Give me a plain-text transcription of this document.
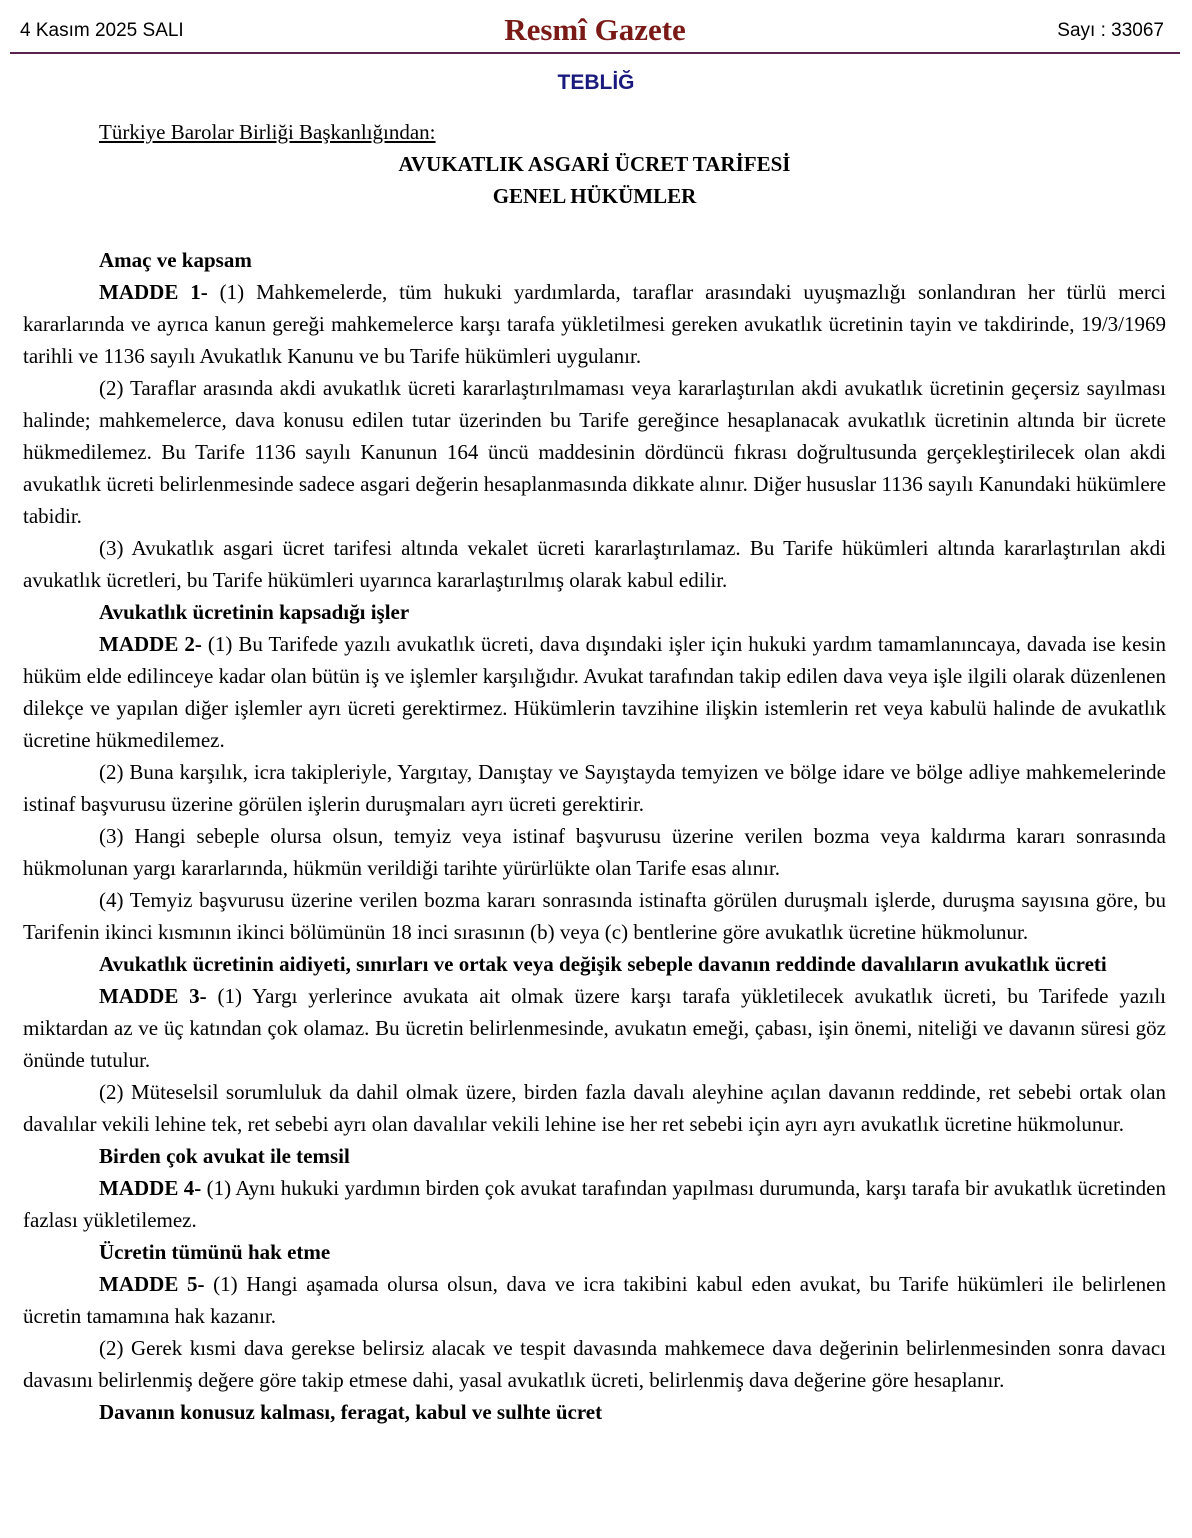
4 Kasım 2025 SALI	Resmî Gazete	Sayı : 33067
TEBLİĞ
Türkiye Barolar Birliği Başkanlığından:
AVUKATLIK ASGARİ ÜCRET TARİFESİ
GENEL HÜKÜMLER
Amaç ve kapsam
MADDE 1- (1) Mahkemelerde, tüm hukuki yardımlarda, taraflar arasındaki uyuşmazlığı sonlandıran her türlü merci kararlarında ve ayrıca kanun gereği mahkemelerce karşı tarafa yükletilmesi gereken avukatlık ücretinin tayin ve takdirinde, 19/3/1969 tarihli ve 1136 sayılı Avukatlık Kanunu ve bu Tarife hükümleri uygulanır.
(2) Taraflar arasında akdi avukatlık ücreti kararlaştırılmaması veya kararlaştırılan akdi avukatlık ücretinin geçersiz sayılması halinde; mahkemelerce, dava konusu edilen tutar üzerinden bu Tarife gereğince hesaplanacak avukatlık ücretinin altında bir ücrete hükmedilemez. Bu Tarife 1136 sayılı Kanunun 164 üncü maddesinin dördüncü fıkrası doğrultusunda gerçekleştirilecek olan akdi avukatlık ücreti belirlenmesinde sadece asgari değerin hesaplanmasında dikkate alınır. Diğer hususlar 1136 sayılı Kanundaki hükümlere tabidir.
(3) Avukatlık asgari ücret tarifesi altında vekalet ücreti kararlaştırılamaz. Bu Tarife hükümleri altında kararlaştırılan akdi avukatlık ücretleri, bu Tarife hükümleri uyarınca kararlaştırılmış olarak kabul edilir.
Avukatlık ücretinin kapsadığı işler
MADDE 2- (1) Bu Tarifede yazılı avukatlık ücreti, dava dışındaki işler için hukuki yardım tamamlanıncaya, davada ise kesin hüküm elde edilinceye kadar olan bütün iş ve işlemler karşılığıdır. Avukat tarafından takip edilen dava veya işle ilgili olarak düzenlenen dilekçe ve yapılan diğer işlemler ayrı ücreti gerektirmez. Hükümlerin tavzihine ilişkin istemlerin ret veya kabulü halinde de avukatlık ücretine hükmedilemez.
(2) Buna karşılık, icra takipleriyle, Yargıtay, Danıştay ve Sayıştayda temyizen ve bölge idare ve bölge adliye mahkemelerinde istinaf başvurusu üzerine görülen işlerin duruşmaları ayrı ücreti gerektirir.
(3) Hangi sebeple olursa olsun, temyiz veya istinaf başvurusu üzerine verilen bozma veya kaldırma kararı sonrasında hükmolunan yargı kararlarında, hükmün verildiği tarihte yürürlükte olan Tarife esas alınır.
(4) Temyiz başvurusu üzerine verilen bozma kararı sonrasında istinafta görülen duruşmalı işlerde, duruşma sayısına göre, bu Tarifenin ikinci kısmının ikinci bölümünün 18 inci sırasının (b) veya (c) bentlerine göre avukatlık ücretine hükmolunur.
Avukatlık ücretinin aidiyeti, sınırları ve ortak veya değişik sebeple davanın reddinde davalıların avukatlık ücreti
MADDE 3- (1) Yargı yerlerince avukata ait olmak üzere karşı tarafa yükletilecek avukatlık ücreti, bu Tarifede yazılı miktardan az ve üç katından çok olamaz. Bu ücretin belirlenmesinde, avukatın emeği, çabası, işin önemi, niteliği ve davanın süresi göz önünde tutulur.
(2) Müteselsil sorumluluk da dahil olmak üzere, birden fazla davalı aleyhine açılan davanın reddinde, ret sebebi ortak olan davalılar vekili lehine tek, ret sebebi ayrı olan davalılar vekili lehine ise her ret sebebi için ayrı ayrı avukatlık ücretine hükmolunur.
Birden çok avukat ile temsil
MADDE 4- (1) Aynı hukuki yardımın birden çok avukat tarafından yapılması durumunda, karşı tarafa bir avukatlık ücretinden fazlası yükletilemez.
Ücretin tümünü hak etme
MADDE 5- (1) Hangi aşamada olursa olsun, dava ve icra takibini kabul eden avukat, bu Tarife hükümleri ile belirlenen ücretin tamamına hak kazanır.
(2) Gerek kısmi dava gerekse belirsiz alacak ve tespit davasında mahkemece dava değerinin belirlenmesinden sonra davacı davasını belirlenmiş değere göre takip etmese dahi, yasal avukatlık ücreti, belirlenmiş dava değerine göre hesaplanır.
Davanın konusuz kalması, feragat, kabul ve sulhte ücret
